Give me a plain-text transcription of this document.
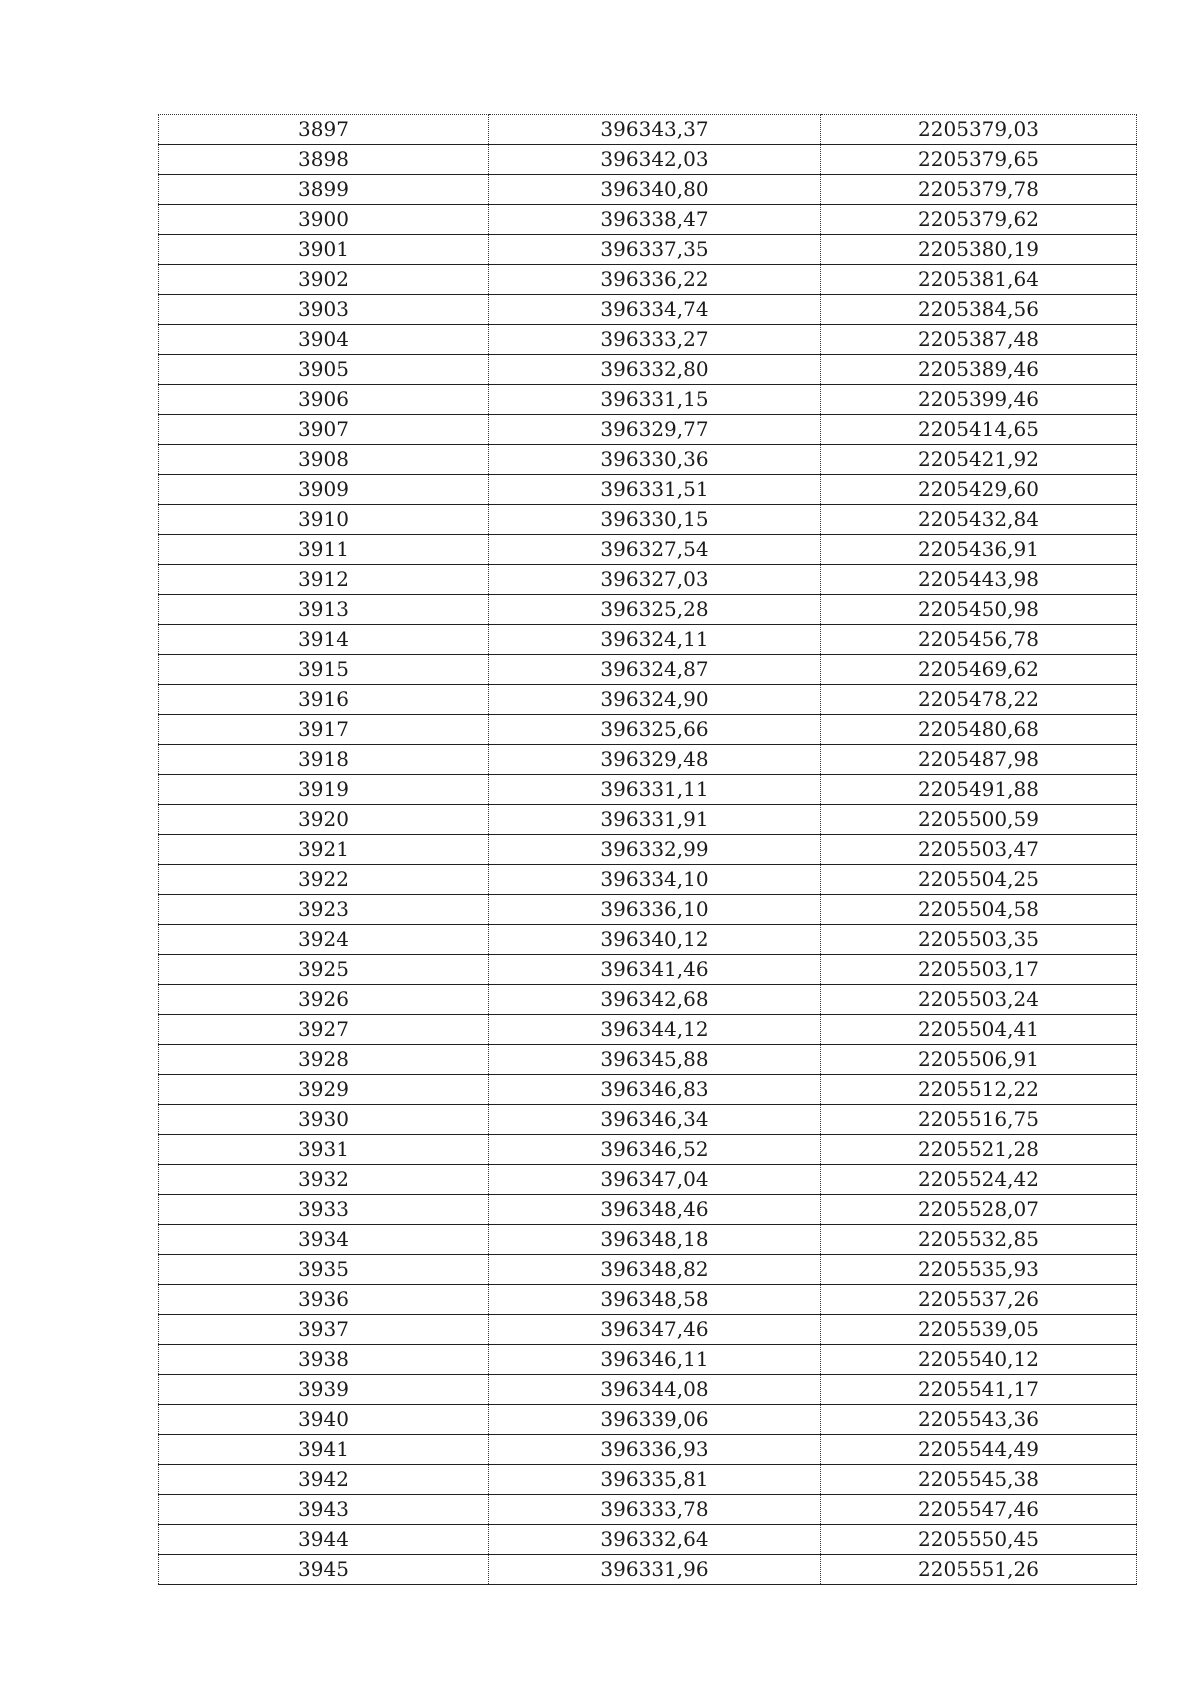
3897	396343,37	2205379,03
3898	396342,03	2205379,65
3899	396340,80	2205379,78
3900	396338,47	2205379,62
3901	396337,35	2205380,19
3902	396336,22	2205381,64
3903	396334,74	2205384,56
3904	396333,27	2205387,48
3905	396332,80	2205389,46
3906	396331,15	2205399,46
3907	396329,77	2205414,65
3908	396330,36	2205421,92
3909	396331,51	2205429,60
3910	396330,15	2205432,84
3911	396327,54	2205436,91
3912	396327,03	2205443,98
3913	396325,28	2205450,98
3914	396324,11	2205456,78
3915	396324,87	2205469,62
3916	396324,90	2205478,22
3917	396325,66	2205480,68
3918	396329,48	2205487,98
3919	396331,11	2205491,88
3920	396331,91	2205500,59
3921	396332,99	2205503,47
3922	396334,10	2205504,25
3923	396336,10	2205504,58
3924	396340,12	2205503,35
3925	396341,46	2205503,17
3926	396342,68	2205503,24
3927	396344,12	2205504,41
3928	396345,88	2205506,91
3929	396346,83	2205512,22
3930	396346,34	2205516,75
3931	396346,52	2205521,28
3932	396347,04	2205524,42
3933	396348,46	2205528,07
3934	396348,18	2205532,85
3935	396348,82	2205535,93
3936	396348,58	2205537,26
3937	396347,46	2205539,05
3938	396346,11	2205540,12
3939	396344,08	2205541,17
3940	396339,06	2205543,36
3941	396336,93	2205544,49
3942	396335,81	2205545,38
3943	396333,78	2205547,46
3944	396332,64	2205550,45
3945	396331,96	2205551,26
